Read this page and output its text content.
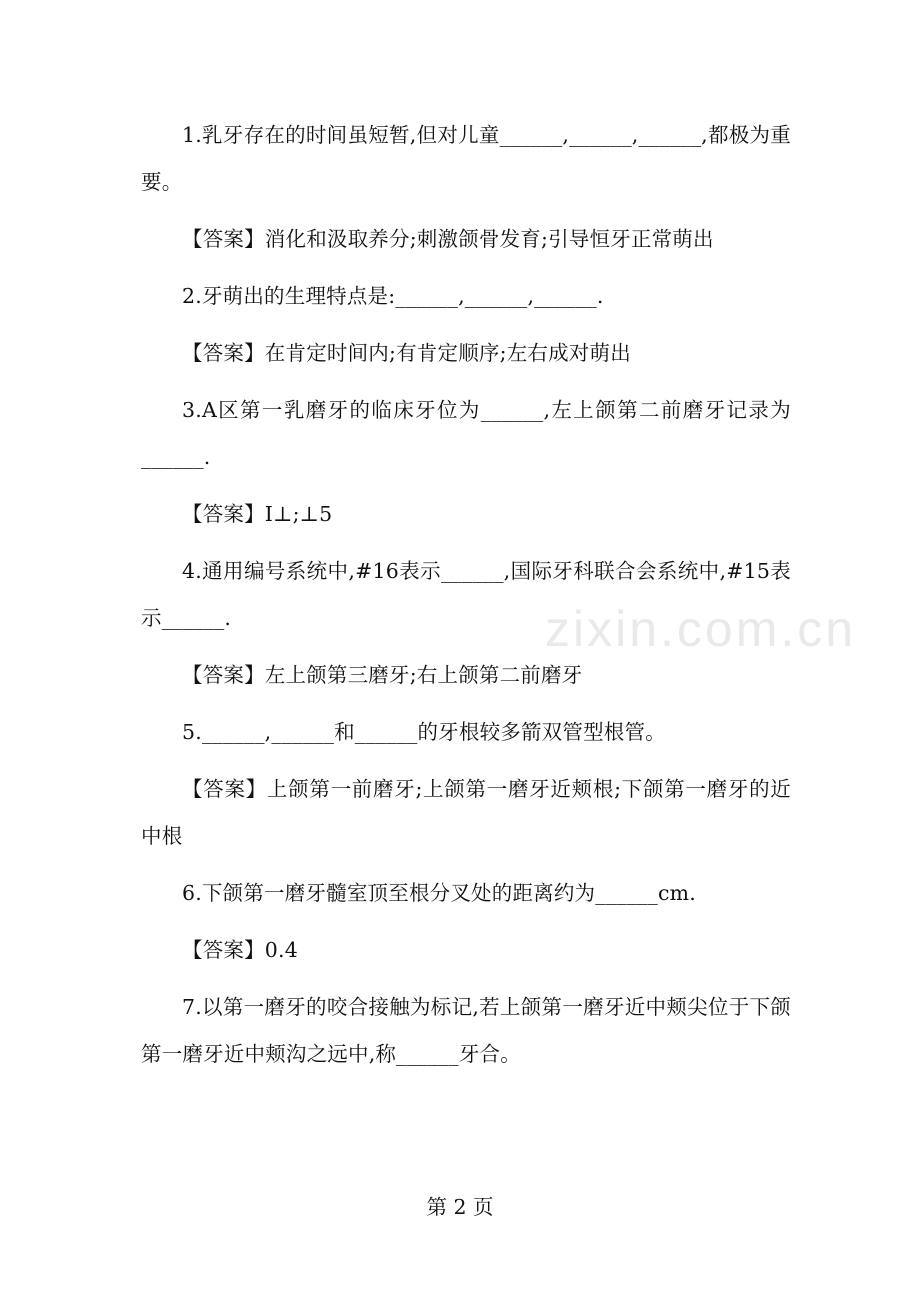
zixin.com.cn

1.乳牙存在的时间虽短暂,但对儿童______,______,______,都极为重要。

【答案】消化和汲取养分;刺激颌骨发育;引导恒牙正常萌出

2.牙萌出的生理特点是:______,______,______.

【答案】在肯定时间内;有肯定顺序;左右成对萌出

3.A区第一乳磨牙的临床牙位为______,左上颌第二前磨牙记录为______.

【答案】Ⅰ⊥;⊥5

4.通用编号系统中,#16表示______,国际牙科联合会系统中,#15表示______.

【答案】左上颌第三磨牙;右上颌第二前磨牙

5.______,______和______的牙根较多箭双管型根管。

【答案】上颌第一前磨牙;上颌第一磨牙近颊根;下颌第一磨牙的近中根

6.下颌第一磨牙髓室顶至根分叉处的距离约为______cm.

【答案】0.4

7.以第一磨牙的咬合接触为标记,若上颌第一磨牙近中颊尖位于下颌第一磨牙近中颊沟之远中,称______牙合。

第 2 页
